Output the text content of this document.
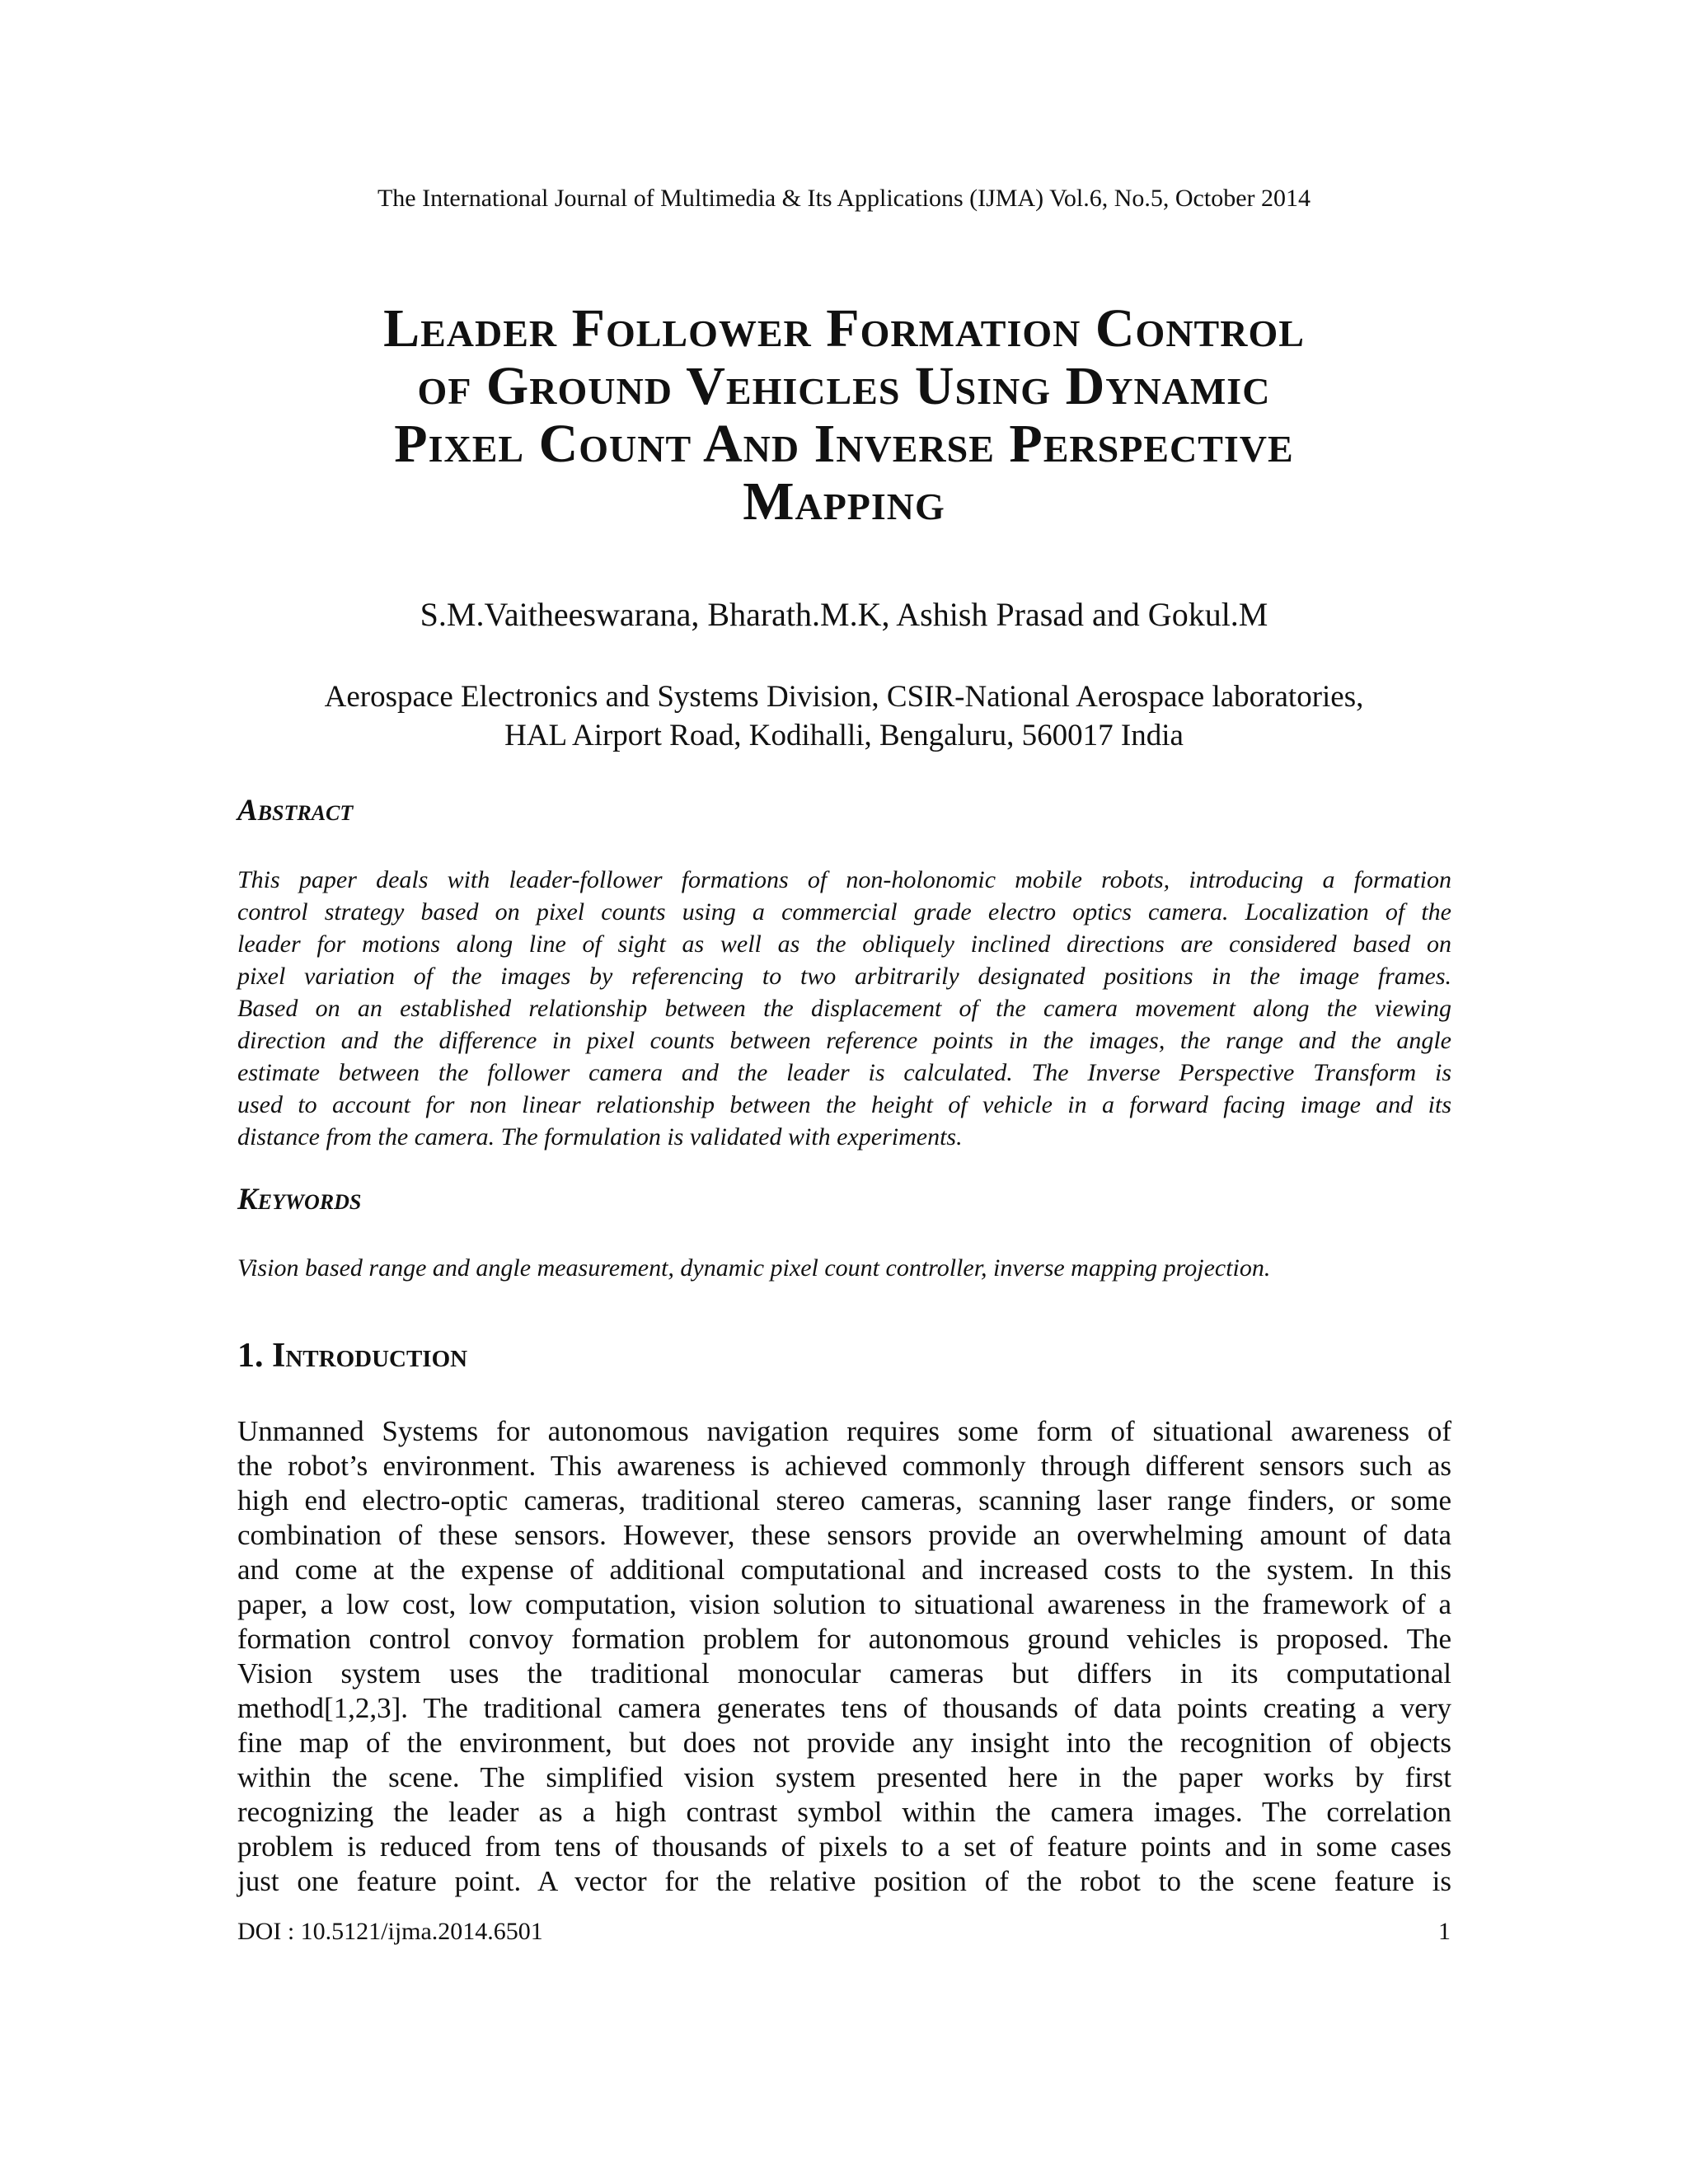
The International Journal of Multimedia & Its Applications (IJMA) Vol.6, No.5, October 2014
Leader Follower Formation Control
of Ground Vehicles Using Dynamic
Pixel Count And Inverse Perspective
Mapping
S.M.Vaitheeswarana, Bharath.M.K, Ashish Prasad and Gokul.M
Aerospace Electronics and Systems Division, CSIR-National Aerospace laboratories,
HAL Airport Road, Kodihalli, Bengaluru, 560017 India
Abstract
This paper deals with leader-follower formations of non-holonomic mobile robots, introducing a formation
control strategy based on pixel counts using a commercial grade electro optics camera. Localization of the
leader for motions along line of sight as well as the obliquely inclined directions are considered based on
pixel variation of the images by referencing to two arbitrarily designated positions in the image frames.
Based on an established relationship between the displacement of the camera movement along the viewing
direction and the difference in pixel counts between reference points in the images, the range and the angle
estimate between the follower camera and the leader is calculated. The Inverse Perspective Transform is
used to account for non linear relationship between the height of vehicle in a forward facing image and its
distance from the camera. The formulation is validated with experiments.
Keywords
Vision based range and angle measurement, dynamic pixel count controller, inverse mapping projection.
1. Introduction
Unmanned Systems for autonomous navigation requires some form of situational awareness of
the robot’s environment. This awareness is achieved commonly through different sensors such as
high end electro-optic cameras, traditional stereo cameras, scanning laser range finders, or some
combination of these sensors. However, these sensors provide an overwhelming amount of data
and come at the expense of additional computational and increased costs to the system. In this
paper, a low cost, low computation, vision solution to situational awareness in the framework of a
formation control convoy formation problem for autonomous ground vehicles is proposed. The
Vision system uses the traditional monocular cameras but differs in its computational
method[1,2,3]. The traditional camera generates tens of thousands of data points creating a very
fine map of the environment, but does not provide any insight into the recognition of objects
within the scene. The simplified vision system presented here in the paper works by first
recognizing the leader as a high contrast symbol within the camera images. The correlation
problem is reduced from tens of thousands of pixels to a set of feature points and in some cases
just one feature point. A vector for the relative position of the robot to the scene feature is
DOI : 10.5121/ijma.2014.6501	1
